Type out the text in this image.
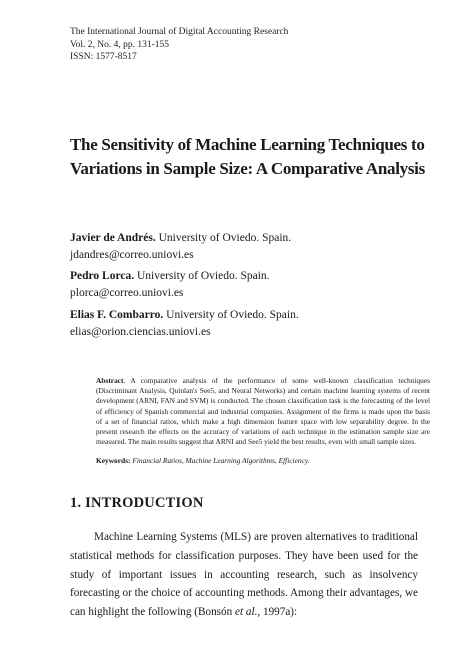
The International Journal of Digital Accounting Research
Vol. 2, No. 4, pp. 131-155
ISSN: 1577-8517
The Sensitivity of Machine Learning Techniques to Variations in Sample Size: A Comparative Analysis
Javier de Andrés. University of Oviedo. Spain.
jdandres@correo.uniovi.es
Pedro Lorca. University of Oviedo. Spain.
plorca@correo.uniovi.es
Elias F. Combarro. University of Oviedo. Spain.
elias@orion.ciencias.uniovi.es
Abstract. A comparative analysis of the performance of some well-known classification techniques (Discriminant Analysis, Quinlan's See5, and Neural Networks) and certain machine learning systems of recent development (ARNI, FAN and SVM) is conducted. The chosen classification task is the forecasting of the level of efficiency of Spanish commercial and industrial companies. Assignment of the firms is made upon the basis of a set of financial ratios, which make a high dimension feature space with low separability degree. In the present research the effects on the accuracy of variations of each technique in the estimation sample size are measured. The main results suggest that ARNI and See5 yield the best results, even with small sample sizes.
Keywords: Financial Ratios, Machine Learning Algorithms, Efficiency.
1. INTRODUCTION
Machine Learning Systems (MLS) are proven alternatives to traditional statistical methods for classification purposes. They have been used for the study of important issues in accounting research, such as insolvency forecasting or the choice of accounting methods. Among their advantages, we can highlight the following (Bonsón et al., 1997a):
